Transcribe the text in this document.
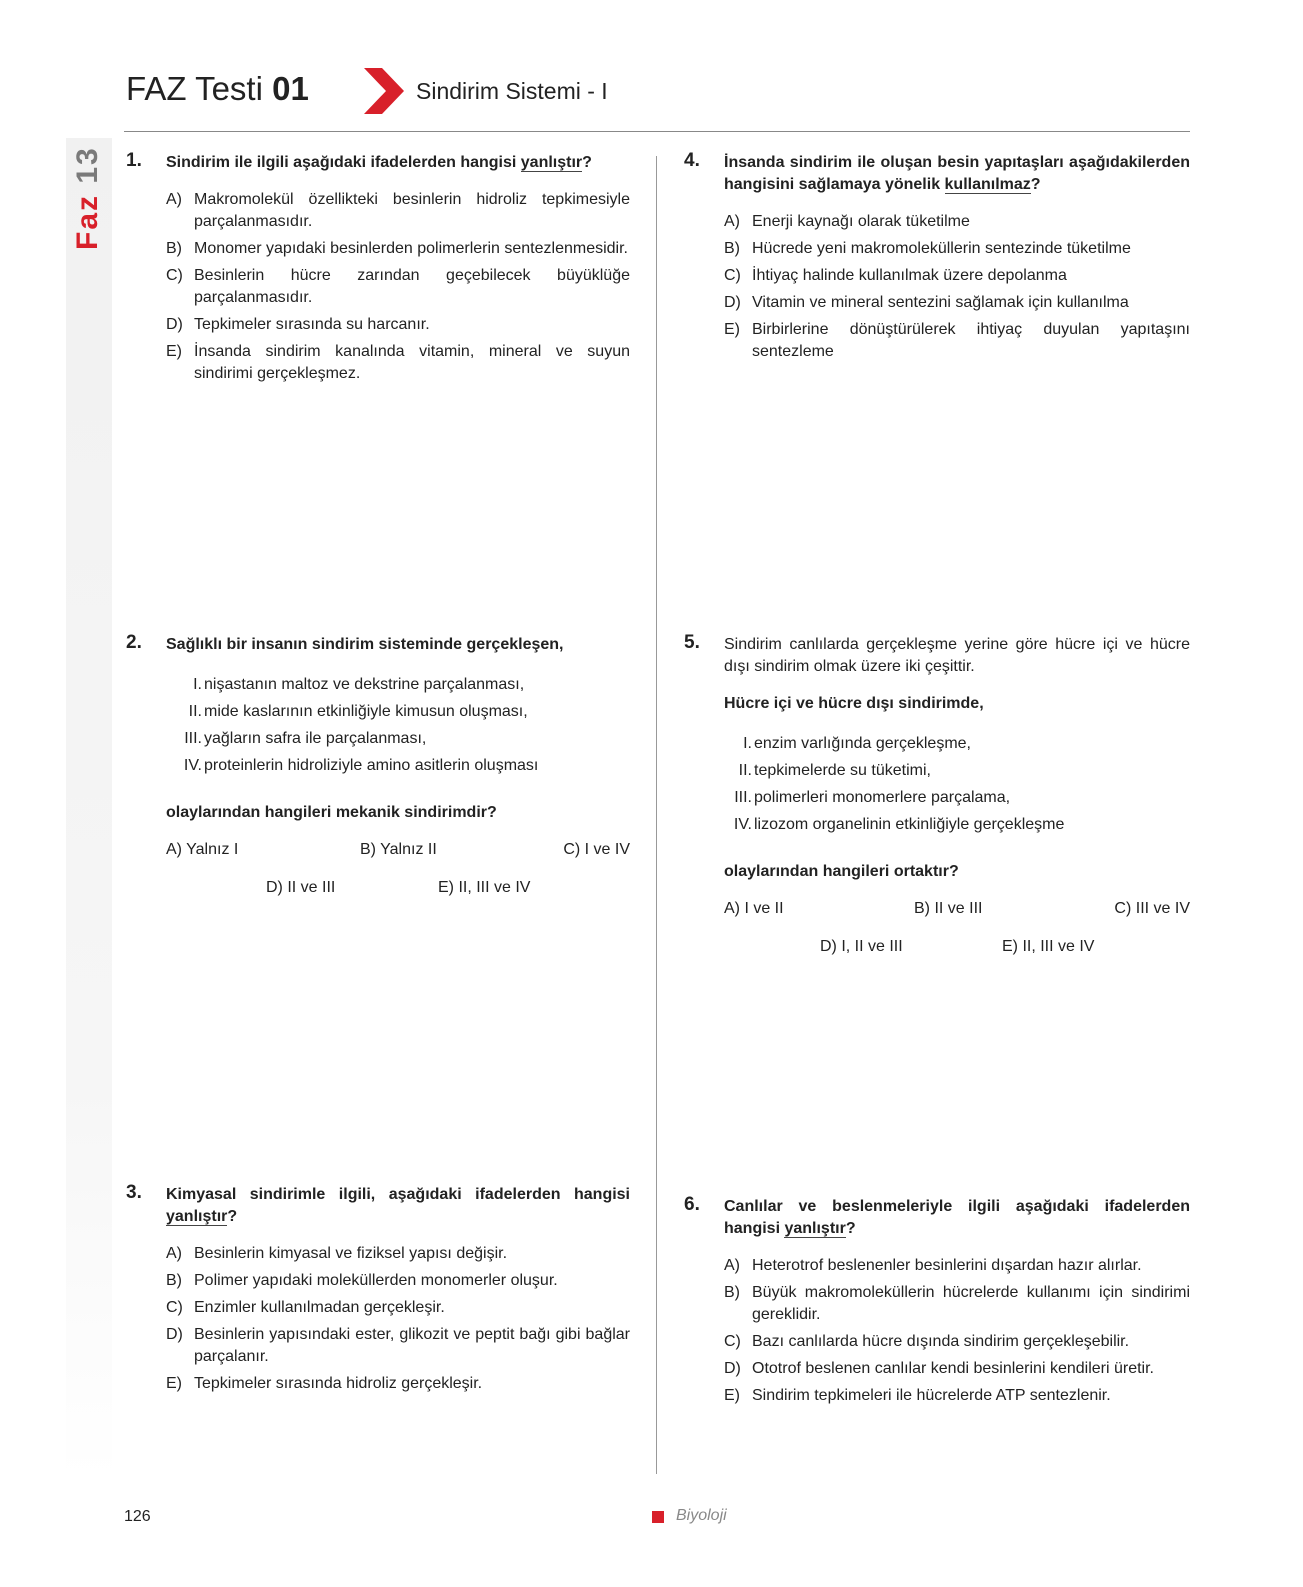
Faz 13
FAZ Testi 01	Sindirim Sistemi - I
1. Sindirim ile ilgili aşağıdaki ifadelerden hangisi yanlıştır?

A) Makromolekül özellikteki besinlerin hidroliz tepkimesiyle parçalanmasıdır.
B) Monomer yapıdaki besinlerden polimerlerin sentezlenmesidir.
C) Besinlerin hücre zarından geçebilecek büyüklüğe parçalanmasıdır.
D) Tepkimeler sırasında su harcanır.
E) İnsanda sindirim kanalında vitamin, mineral ve suyun sindirimi gerçekleşmez.
2. Sağlıklı bir insanın sindirim sisteminde gerçekleşen,

I. nişastanın maltoz ve dekstrine parçalanması,
II. mide kaslarının etkinliğiyle kimusun oluşması,
III. yağların safra ile parçalanması,
IV. proteinlerin hidroliziyle amino asitlerin oluşması

olaylarından hangileri mekanik sindirimdir?

A) Yalnız I	B) Yalnız II	C) I ve IV
D) II ve III	E) II, III ve IV
3. Kimyasal sindirimle ilgili, aşağıdaki ifadelerden hangisi yanlıştır?

A) Besinlerin kimyasal ve fiziksel yapısı değişir.
B) Polimer yapıdaki moleküllerden monomerler oluşur.
C) Enzimler kullanılmadan gerçekleşir.
D) Besinlerin yapısındaki ester, glikozit ve peptit bağı gibi bağlar parçalanır.
E) Tepkimeler sırasında hidroliz gerçekleşir.
4. İnsanda sindirim ile oluşan besin yapıtaşları aşağıdakilerden hangisini sağlamaya yönelik kullanılmaz?

A) Enerji kaynağı olarak tüketilme
B) Hücrede yeni makromoleküllerin sentezinde tüketilme
C) İhtiyaç halinde kullanılmak üzere depolanma
D) Vitamin ve mineral sentezini sağlamak için kullanılma
E) Birbirlerine dönüştürülerek ihtiyaç duyulan yapıtaşını sentezleme
5. Sindirim canlılarda gerçekleşme yerine göre hücre içi ve hücre dışı sindirim olmak üzere iki çeşittir.

Hücre içi ve hücre dışı sindirimde,

I. enzim varlığında gerçekleşme,
II. tepkimelerde su tüketimi,
III. polimerleri monomerlere parçalama,
IV. lizozom organelinin etkinliğiyle gerçekleşme

olaylarından hangileri ortaktır?

A) I ve II	B) II ve III	C) III ve IV
D) I, II ve III	E) II, III ve IV
6. Canlılar ve beslenmeleriyle ilgili aşağıdaki ifadelerden hangisi yanlıştır?

A) Heterotrof beslenenler besinlerini dışardan hazır alırlar.
B) Büyük makromoleküllerin hücrelerde kullanımı için sindirimi gereklidir.
C) Bazı canlılarda hücre dışında sindirim gerçekleşebilir.
D) Ototrof beslenen canlılar kendi besinlerini kendileri üretir.
E) Sindirim tepkimeleri ile hücrelerde ATP sentezlenir.
126	Biyoloji
